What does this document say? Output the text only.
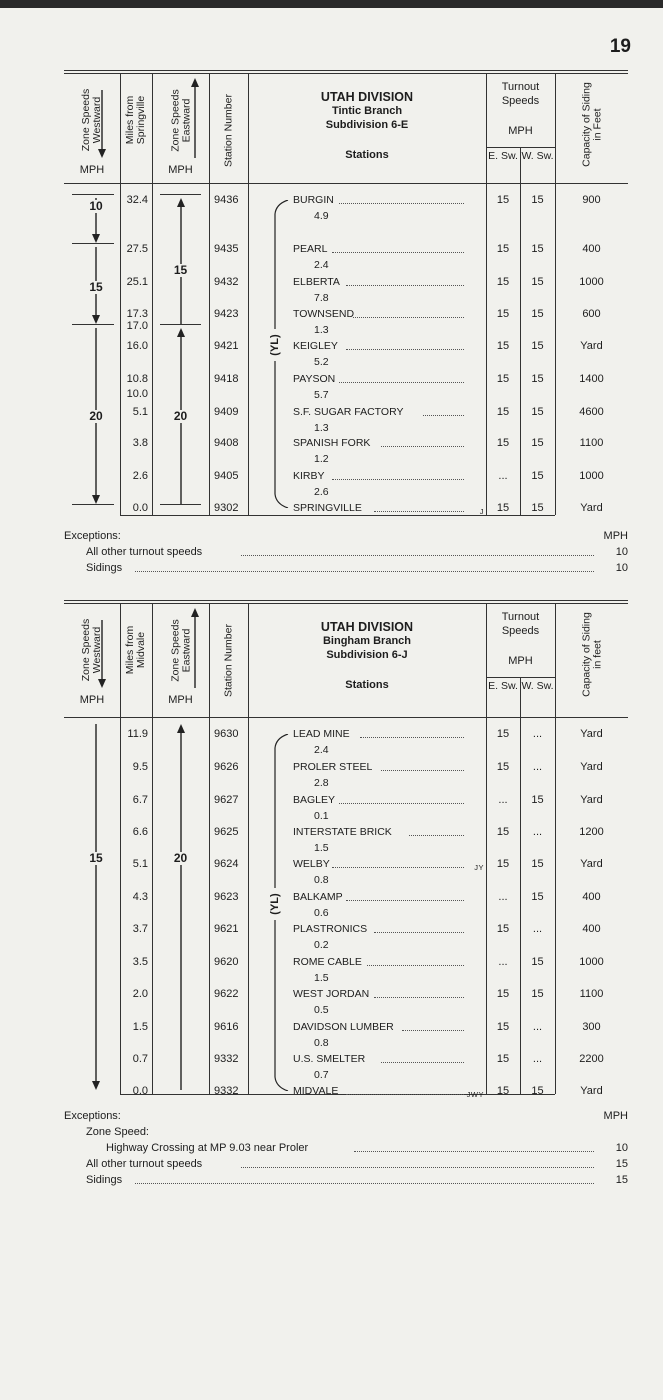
19
Zone Speeds Westward	Miles from Springville	Zone Speeds Eastward	Station Number	Capacity of Siding in Feet
MPH	MPH
UTAH DIVISION
Tintic Branch
Subdivision 6-E
Stations
Turnout Speeds
MPH
E. Sw. W. Sw.
10
15
20
15
20
(YL)
32.4	9436	BURGIN	15	15	900
4.9
27.5	9435	PEARL	15	15	400
2.4
25.1	9432	ELBERTA	15	15	1000
7.8
17.3	9423	TOWNSEND	15	15	600
1.3
16.0	9421	KEIGLEY	15	15	Yard
5.2
10.8	9418	PAYSON	15	15	1400
5.7
5.1	9409	S.F. SUGAR FACTORY	15	15	4600
1.3
3.8	9408	SPANISH FORK	15	15	1100
1.2
2.6	9405	KIRBY	...	15	1000
2.6
0.0	9302	SPRINGVILLE	J	15	15	Yard
17.0
10.0
Exceptions:	MPH
All other turnout speeds	10
Sidings	10
Zone Speeds Westward	Miles from Midvale	Zone Speeds Eastward	Station Number	Capacity of Siding in feet
MPH	MPH
UTAH DIVISION
Bingham Branch
Subdivision 6-J
Stations
Turnout Speeds
MPH
E. Sw. W. Sw.
15	20
(YL)
11.9	9630	LEAD MINE	15	...	Yard
2.4
9.5	9626	PROLER STEEL	15	...	Yard
2.8
6.7	9627	BAGLEY	...	15	Yard
0.1
6.6	9625	INTERSTATE BRICK	15	...	1200
1.5
5.1	9624	WELBY	JY	15	15	Yard
0.8
4.3	9623	BALKAMP	...	15	400
0.6
3.7	9621	PLASTRONICS	15	...	400
0.2
3.5	9620	ROME CABLE	...	15	1000
1.5
2.0	9622	WEST JORDAN	15	15	1100
0.5
1.5	9616	DAVIDSON LUMBER	15	...	300
0.8
0.7	9332	U.S. SMELTER	15	...	2200
0.7
0.0	9332	MIDVALE	JWY	15	15	Yard
Exceptions:	MPH
Zone Speed:
Highway Crossing at MP 9.03 near Proler	10
All other turnout speeds	15
Sidings	15
